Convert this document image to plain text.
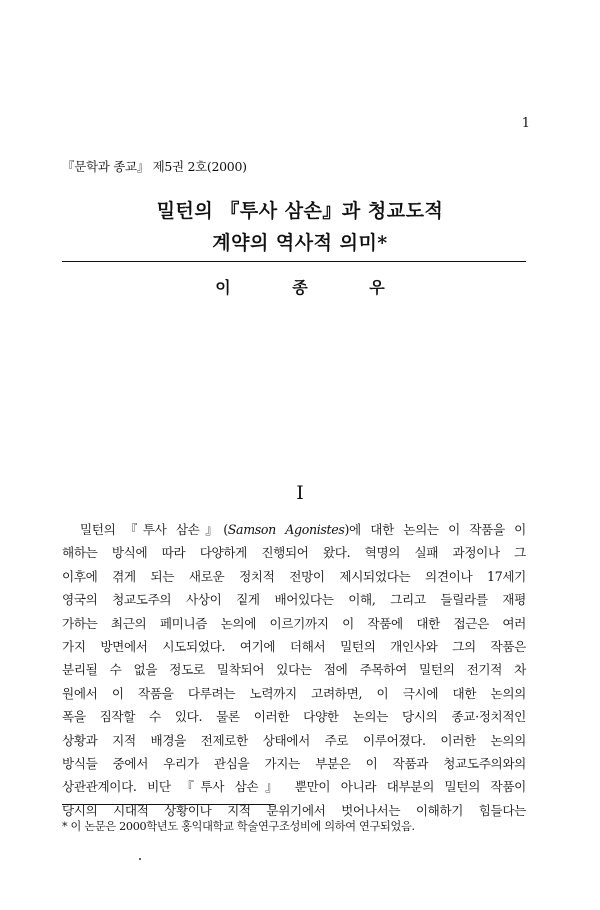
1
『문학과 종교』 제5권 2호(2000)
밀턴의 『투사 삼손』과 청교도적
계약의 역사적 의미*
이 종 우
I
밀턴의 『투사 삼손』(Samson Agonistes)에 대한 논의는 이 작품을 이
해하는 방식에 따라 다양하게 진행되어 왔다. 혁명의 실패 과정이나 그
이후에 겪게 되는 새로운 정치적 전망이 제시되었다는 의견이나 17세기
영국의 청교도주의 사상이 짙게 배어있다는 이해, 그리고 들릴라를 재평
가하는 최근의 페미니즘 논의에 이르기까지 이 작품에 대한 접근은 여러
가지 방면에서 시도되었다. 여기에 더해서 밀턴의 개인사와 그의 작품은
분리될 수 없을 정도로 밀착되어 있다는 점에 주목하여 밀턴의 전기적 차
원에서 이 작품을 다루려는 노력까지 고려하면, 이 극시에 대한 논의의
폭을 짐작할 수 있다. 물론 이러한 다양한 논의는 당시의 종교·정치적인
상황과 지적 배경을 전제로한 상태에서 주로 이루어졌다. 이러한 논의의
방식들 중에서 우리가 관심을 가지는 부분은 이 작품과 청교도주의와의
상관관계이다. 비단 『투사 삼손』 뿐만이 아니라 대부분의 밀턴의 작품이
당시의 시대적 상황이나 지적 분위기에서 벗어나서는 이해하기 힘들다는
* 이 논문은 2000학년도 홍익대학교 학술연구조성비에 의하여 연구되었음.
